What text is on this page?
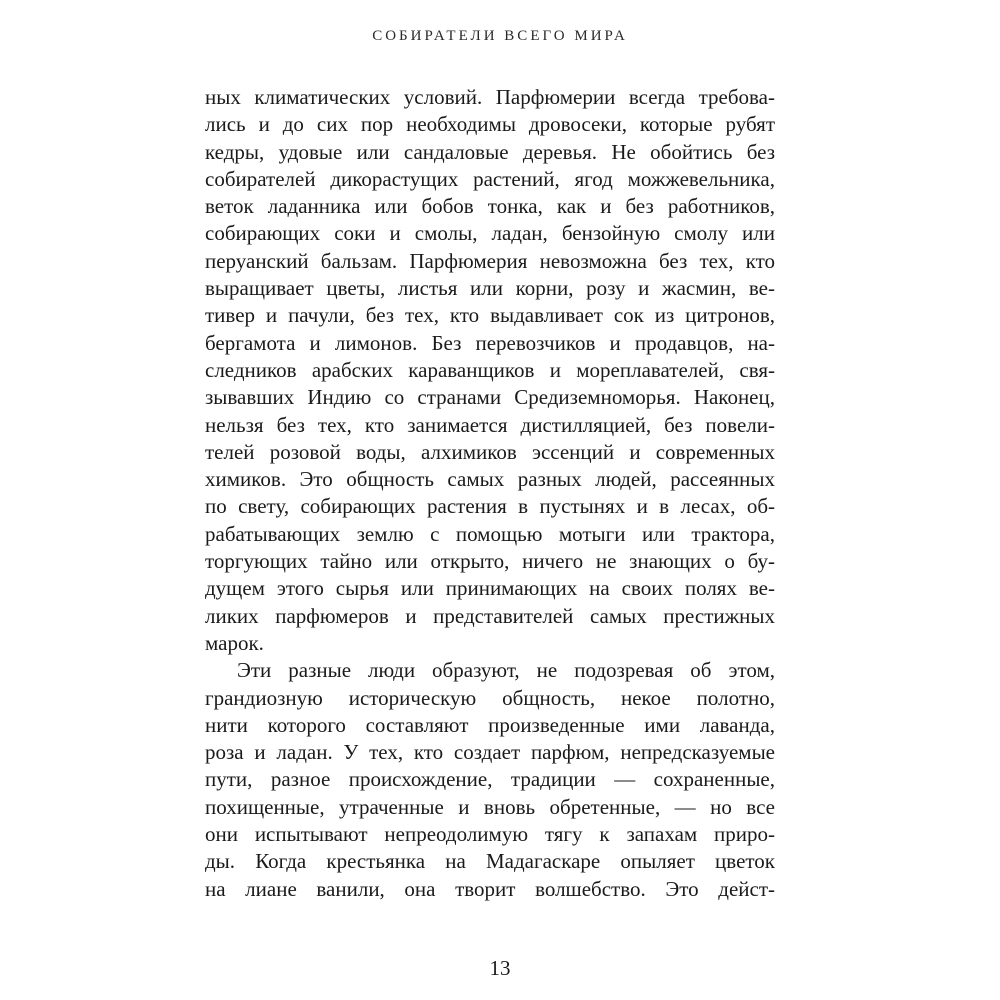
СОБИРАТЕЛИ ВСЕГО МИРА
ных климатических условий. Парфюмерии всегда требова-
лись и до сих пор необходимы дровосеки, которые рубят
кедры, удовые или сандаловые деревья. Не обойтись без
собирателей дикорастущих растений, ягод можжевельника,
веток ладанника или бобов тонка, как и без работников,
собирающих соки и смолы, ладан, бензойную смолу или
перуанский бальзам. Парфюмерия невозможна без тех, кто
выращивает цветы, листья или корни, розу и жасмин, ве-
тивер и пачули, без тех, кто выдавливает сок из цитронов,
бергамота и лимонов. Без перевозчиков и продавцов, на-
следников арабских караванщиков и мореплавателей, свя-
зывавших Индию со странами Средиземноморья. Наконец,
нельзя без тех, кто занимается дистилляцией, без повели-
телей розовой воды, алхимиков эссенций и современных
химиков. Это общность самых разных людей, рассеянных
по свету, собирающих растения в пустынях и в лесах, об-
рабатывающих землю с помощью мотыги или трактора,
торгующих тайно или открыто, ничего не знающих о бу-
дущем этого сырья или принимающих на своих полях ве-
ликих парфюмеров и представителей самых престижных
марок.
Эти разные люди образуют, не подозревая об этом,
грандиозную историческую общность, некое полотно,
нити которого составляют произведенные ими лаванда,
роза и ладан. У тех, кто создает парфюм, непредсказуемые
пути, разное происхождение, традиции — сохраненные,
похищенные, утраченные и вновь обретенные, — но все
они испытывают непреодолимую тягу к запахам приро-
ды. Когда крестьянка на Мадагаскаре опыляет цветок
на лиане ванили, она творит волшебство. Это дейст-
13
